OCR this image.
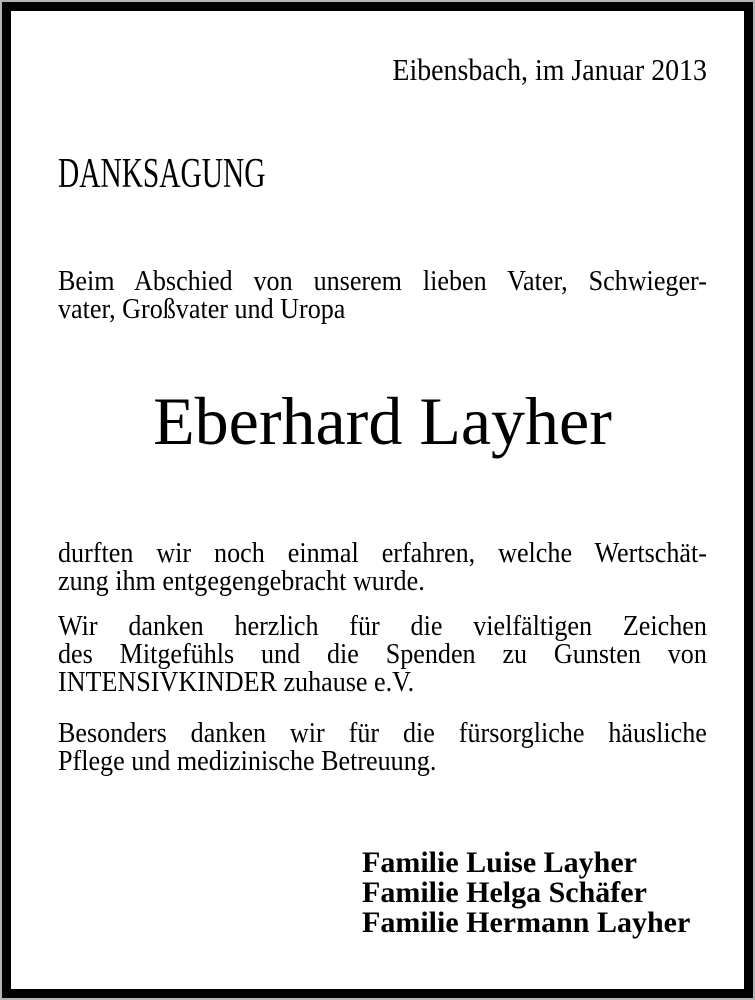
Eibensbach, im Januar 2013
DANKSAGUNG
Beim Abschied von unserem lieben Vater, Schwieger-
vater, Großvater und Uropa
Eberhard Layher
durften wir noch einmal erfahren, welche Wertschät-
zung ihm entgegengebracht wurde.
Wir danken herzlich für die vielfältigen Zeichen
des Mitgefühls und die Spenden zu Gunsten von
INTENSIVKINDER zuhause e.V.
Besonders danken wir für die fürsorgliche häusliche
Pflege und medizinische Betreuung.
Familie Luise Layher
Familie Helga Schäfer
Familie Hermann Layher
